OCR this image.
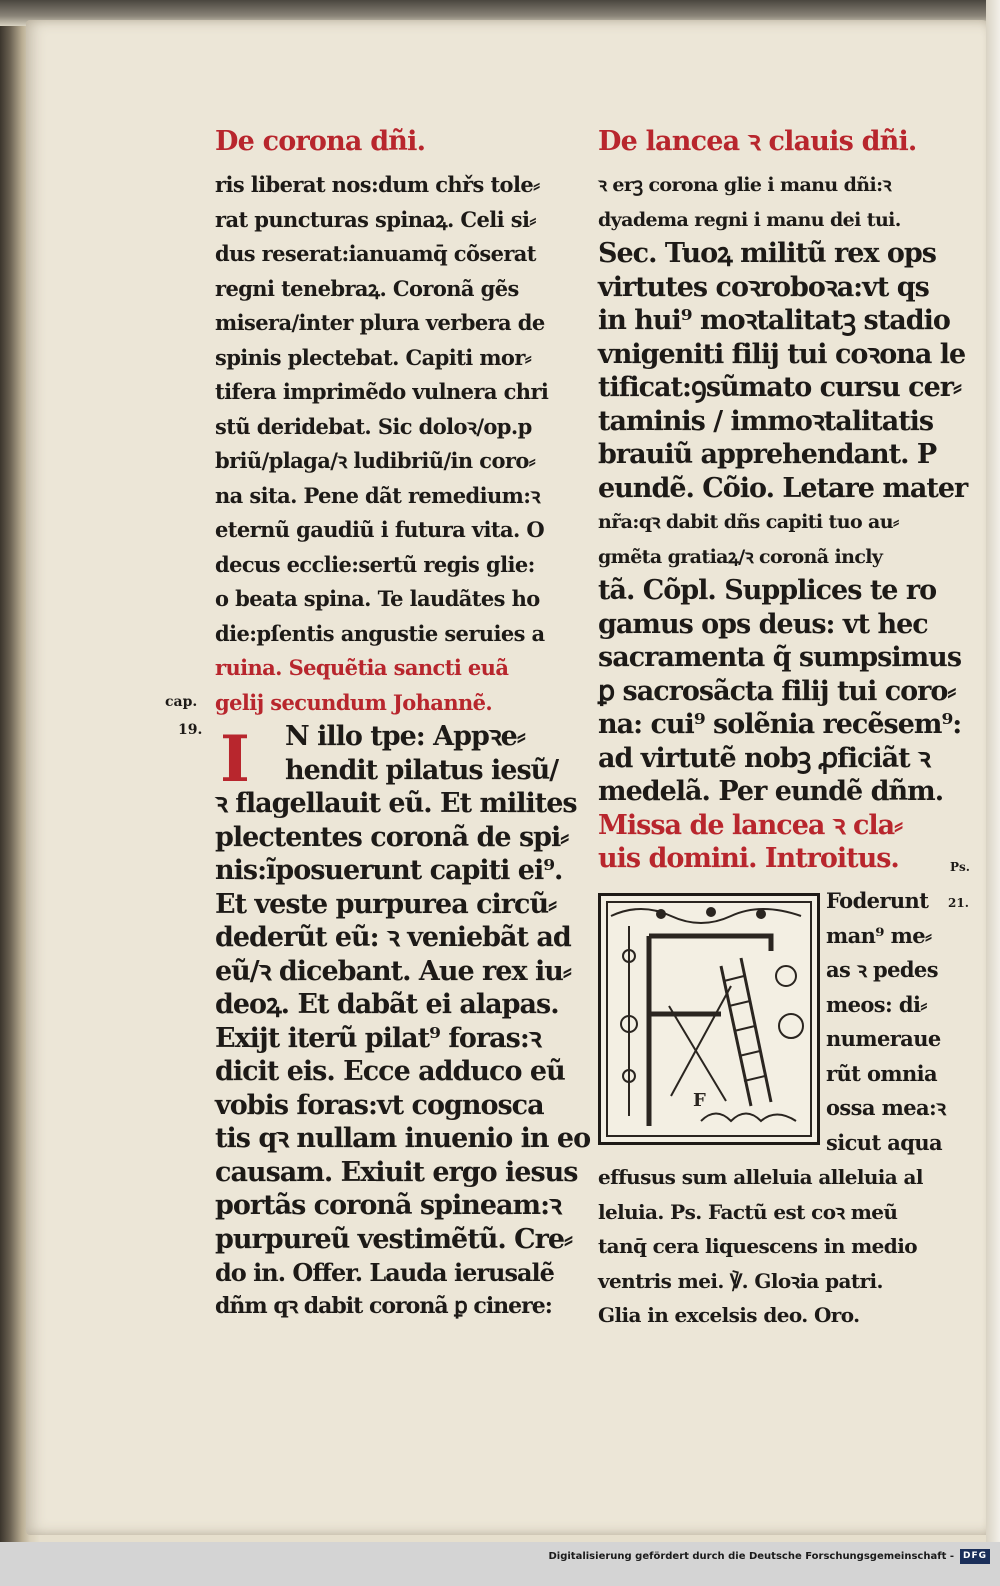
De corona dñi.
ris liberat nos:dum chřs tole⸗
rat puncturas spinaꝝ. Celi si⸗
dus reserat:ianuamq̄ cõserat
regni tenebraꝝ. Coronã gẽs
misera/inter plura verbera de
spinis plectebat. Capiti mor⸗
tifera imprimẽdo vulnera chri
stũ deridebat. Sic doloꝛ/op.p
briũ/plaga/ꝛ ludibriũ/in coro⸗
na sita. Pene dãt remedium:ꝛ
eternũ gaudiũ i futura vita. O
decus ecclie:sertũ regis glie:
o beata spina. Te laudãtes ho
die:pſentis angustie seruies a
ruina. Sequẽtia sancti euã
gelij secundum Johannẽ.
N illo tpe: Appꝛe⸗
hendit pilatus iesũ/
ꝛ flagellauit eũ. Et milites
plectentes coronã de spi⸗
nis:ĩposuerunt capiti ei⁹.
Et veste purpurea circũ⸗
dederũt eũ: ꝛ veniebãt ad
eũ/ꝛ dicebant. Aue rex iu⸗
deoꝝ. Et dabãt ei alapas.
Exijt iterũ pilat⁹ foras:ꝛ
dicit eis. Ecce adduco eũ
vobis foras:vt cognosca
tis qꝛ nullam inuenio in eo
causam. Exiuit ergo iesus
portãs coronã spineam:ꝛ
purpureũ vestimẽtũ. Cre⸗
do in. Offer. Lauda ierusalẽ
dñm qꝛ dabit coronã ꝑ cinere:
I
cap.
19.
Ps.
21.
De lancea ꝛ clauis dñi.
ꝛ erꝫ corona glie i manu dñi:ꝛ
dyadema regni i manu dei tui.
Sec. Tuoꝝ militũ rex ops
virtutes coꝛroboꝛa:vt qs
in hui⁹ moꝛtalitatꝫ stadio
vnigeniti filij tui coꝛona le
tificat:ꝯsũmato cursu cer⸗
taminis / immoꝛtalitatis
brauiũ apprehendant. P
eundẽ. Cõio. Letare mater
nr̃a:qꝛ dabit dñs capiti tuo au⸗
gmẽta gratiaꝝ/ꝛ coronã incly
tã. Cõpl. Supplices te ro
gamus ops deus: vt hec
sacramenta q̃ sumpsimus
ꝑ sacrosãcta filij tui coro⸗
na: cui⁹ solẽnia recẽsem⁹:
ad virtutẽ nobꝫ ꝓficiãt ꝛ
medelã. Per eundẽ dñm.
Missa de lancea ꝛ cla⸗
uis domini. Introitus.
Foderunt
man⁹ me⸗
as ꝛ pedes
meos: di⸗
numeraue
rũt omnia
ossa mea:ꝛ
sicut aqua
F
effusus sum alleluia alleluia al
leluia. Ps. Factũ est coꝛ meũ
tanq̄ cera liquescens in medio
ventris mei. ℣. Gloꝛia patri.
Glia in excelsis deo. Oro.
Digitalisierung gefördert durch die Deutsche Forschungsgemeinschaft - DFG
